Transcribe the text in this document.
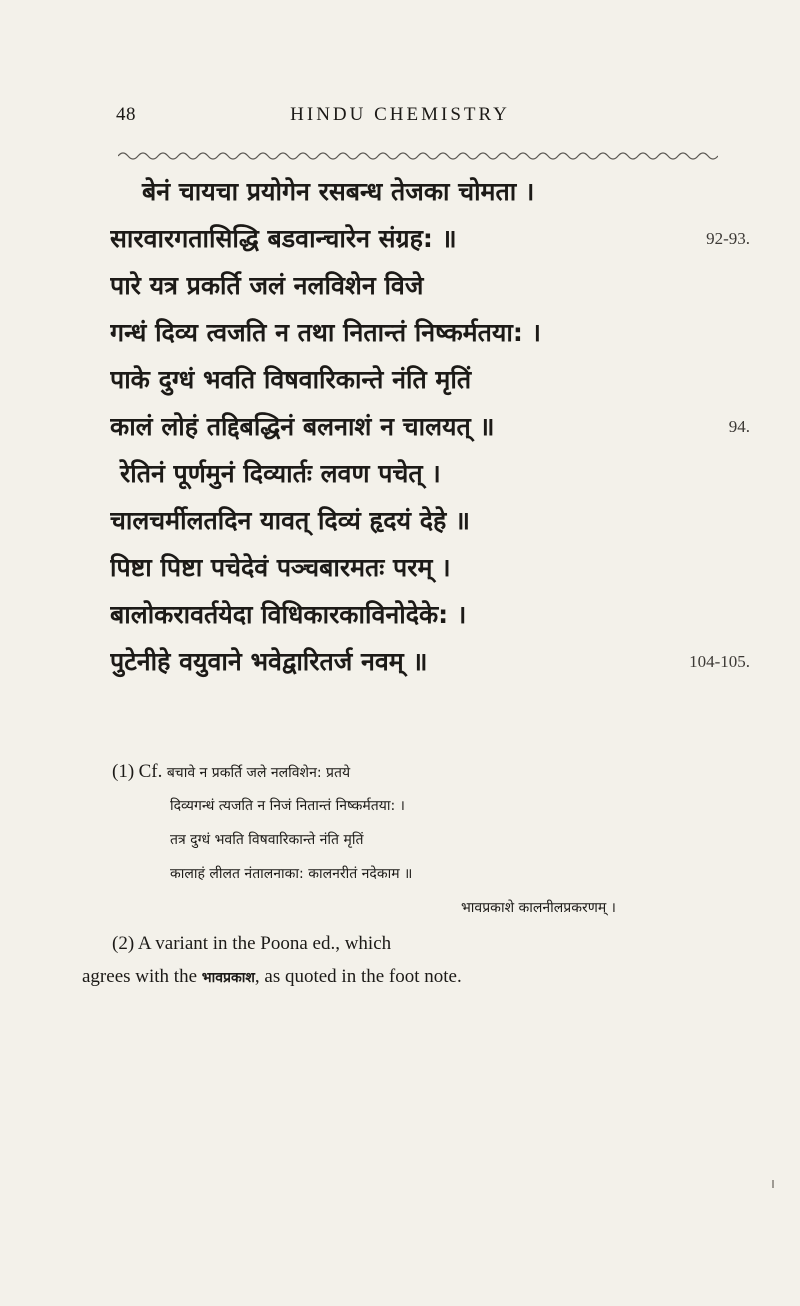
48	HINDU CHEMISTRY
बेनं चायचा प्रयोगेन रसबन्ध तेजका चोमता ।
सारवारगतासिद्धि बडवान्चारेन संग्रह: ॥	92-93.
पारे यत्र प्रकर्ति जलं नलविशेन विजे
गन्धं दिव्य त्वजति न तथा नितान्तं निष्कर्मतया: ।
पाके दुग्धं भवति विषवारिकान्ते नंति मृतिं
कालं लोहं तद्दिबद्धिनं बलनाशं न चालयत् ॥	94.
रेतिनं पूर्णमुनं दिव्यार्तः लवण पचेत् ।
चालचर्मीलतदिन यावत् दिव्यं हृदयं देहे ॥
पिष्टा पिष्टा पचेदेवं पञ्चबारमतः परम् ।
बालोकरावर्तयेदा विधिकारकाविनोदेके: ।
पुटेनीहे वयुवाने भवेद्वारितर्ज नवम् ॥	104-105.
(1) Cf. बचावे न प्रकर्ति जले नलविशेन: प्रतये
दिव्यगन्धं त्यजति न निजं नितान्तं निष्कर्मतया: ।
तत्र दुग्धं भवति विषवारिकान्ते नंति मृतिं
कालाहं लीलत नंतालनाका: कालनरीतं नदेकाम ॥
भावप्रकाशे कालनीलप्रकरणम् ।
(2) A variant in the Poona ed., which
agrees with the भावप्रकाश, as quoted in the foot note.
